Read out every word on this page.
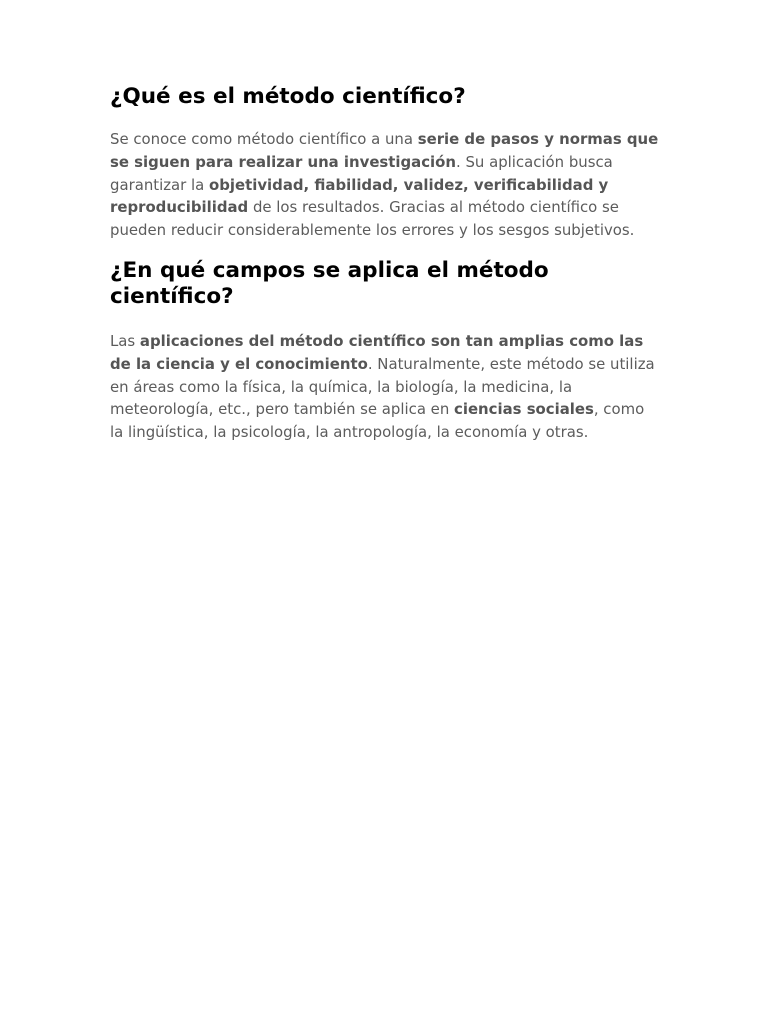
¿Qué es el método científico?

Se conoce como método científico a una serie de pasos y normas que se siguen para realizar una investigación. Su aplicación busca garantizar la objetividad, fiabilidad, validez, verificabilidad y reproducibilidad de los resultados. Gracias al método científico se pueden reducir considerablemente los errores y los sesgos subjetivos.

¿En qué campos se aplica el método científico?

Las aplicaciones del método científico son tan amplias como las de la ciencia y el conocimiento. Naturalmente, este método se utiliza en áreas como la física, la química, la biología, la medicina, la meteorología, etc., pero también se aplica en ciencias sociales, como la lingüística, la psicología, la antropología, la economía y otras.
